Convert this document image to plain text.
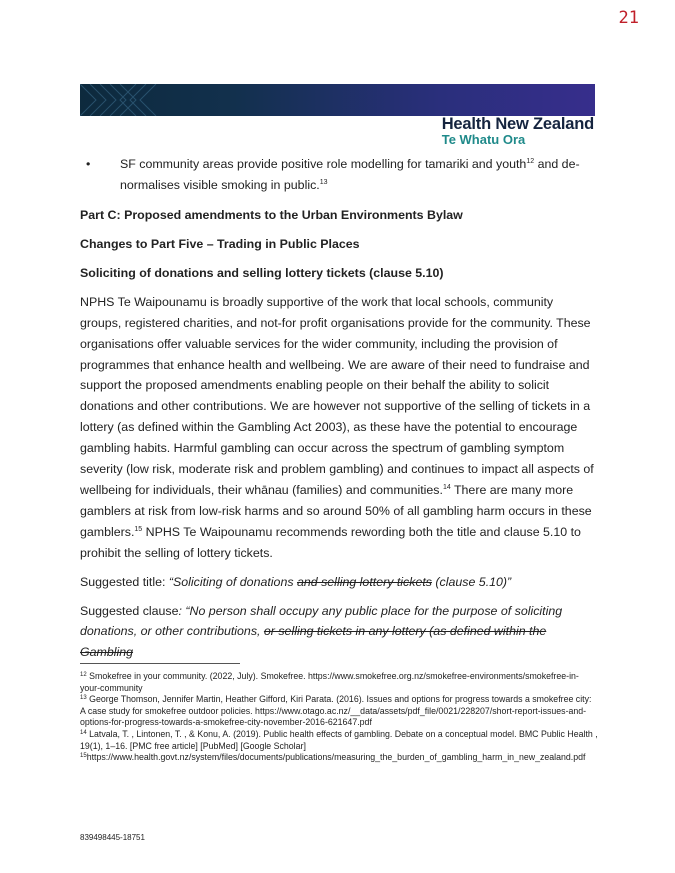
21
Health New Zealand
Te Whatu Ora
• SF community areas provide positive role modelling for tamariki and youth$^{12}$ and de-normalises visible smoking in public.$^{13}$
Part C: Proposed amendments to the Urban Environments Bylaw
Changes to Part Five – Trading in Public Places
Soliciting of donations and selling lottery tickets (clause 5.10)

NPHS Te Waipounamu is broadly supportive of the work that local schools, community groups, registered charities, and not-for profit organisations provide for the community. These organisations offer valuable services for the wider community, including the provision of programmes that enhance health and wellbeing. We are aware of their need to fundraise and support the proposed amendments enabling people on their behalf the ability to solicit donations and other contributions. We are however not supportive of the selling of tickets in a lottery (as defined within the Gambling Act 2003), as these have the potential to encourage gambling habits. Harmful gambling can occur across the spectrum of gambling symptom severity (low risk, moderate risk and problem gambling) and continues to impact all aspects of wellbeing for individuals, their whānau (families) and communities.$^{14}$ There are many more gamblers at risk from low-risk harms and so around 50% of all gambling harm occurs in these gamblers.$^{15}$ NPHS Te Waipounamu recommends rewording both the title and clause 5.10 to prohibit the selling of lottery tickets.

Suggested title: “Soliciting of donations and selling lottery tickets (clause 5.10)”

Suggested clause: “No person shall occupy any public place for the purpose of soliciting donations, or other contributions, or selling tickets in any lottery (as defined within the Gambling

$^{12}$ Smokefree in your community. (2022, July). Smokefree. https://www.smokefree.org.nz/smokefree-environments/smokefree-in-your-community
$^{13}$ George Thomson, Jennifer Martin, Heather Gifford, Kiri Parata. (2016). Issues and options for progress towards a smokefree city: A case study for smokefree outdoor policies. https://www.otago.ac.nz/__data/assets/pdf_file/0021/228207/short-report-issues-and-options-for-progress-towards-a-smokefree-city-november-2016-621647.pdf
$^{14}$ Latvala, T. , Lintonen, T. , & Konu, A. (2019). Public health effects of gambling. Debate on a conceptual model. BMC Public Health , 19(1), 1–16. [PMC free article] [PubMed] [Google Scholar]
$^{15}$https://www.health.govt.nz/system/files/documents/publications/measuring_the_burden_of_gambling_harm_in_new_zealand.pdf
839498445-18751
